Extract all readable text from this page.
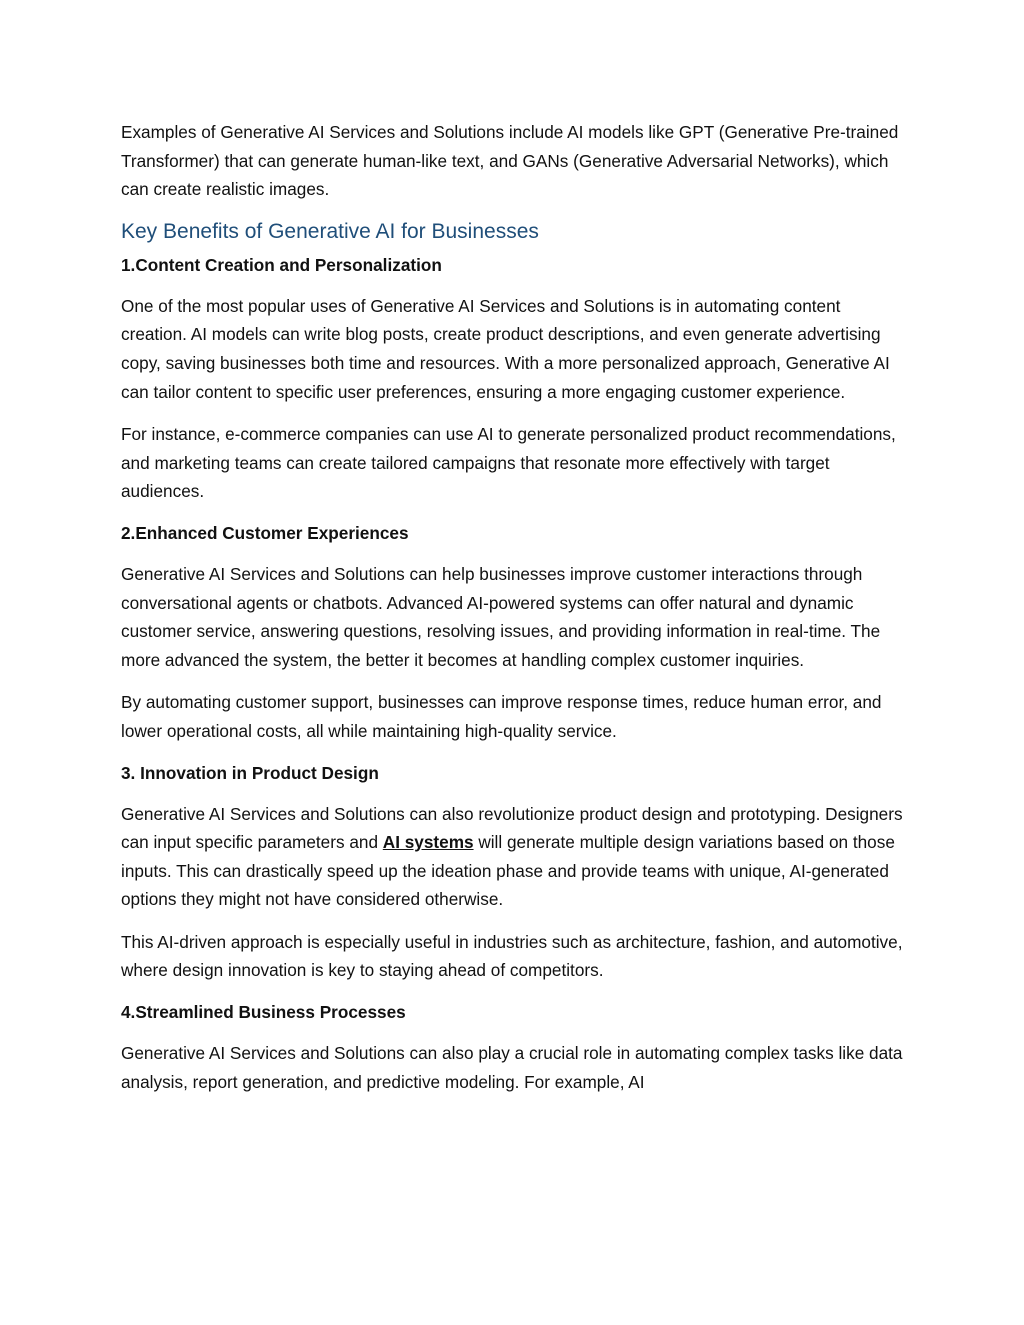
Examples of Generative AI Services and Solutions include AI models like GPT (Generative Pre-trained Transformer) that can generate human-like text, and GANs (Generative Adversarial Networks), which can create realistic images.

Key Benefits of Generative AI for Businesses
1.Content Creation and Personalization

One of the most popular uses of Generative AI Services and Solutions is in automating content creation. AI models can write blog posts, create product descriptions, and even generate advertising copy, saving businesses both time and resources. With a more personalized approach, Generative AI can tailor content to specific user preferences, ensuring a more engaging customer experience.

For instance, e-commerce companies can use AI to generate personalized product recommendations, and marketing teams can create tailored campaigns that resonate more effectively with target audiences.

2.Enhanced Customer Experiences

Generative AI Services and Solutions can help businesses improve customer interactions through conversational agents or chatbots. Advanced AI-powered systems can offer natural and dynamic customer service, answering questions, resolving issues, and providing information in real-time. The more advanced the system, the better it becomes at handling complex customer inquiries.

By automating customer support, businesses can improve response times, reduce human error, and lower operational costs, all while maintaining high-quality service.

3. Innovation in Product Design

Generative AI Services and Solutions can also revolutionize product design and prototyping. Designers can input specific parameters and AI systems will generate multiple design variations based on those inputs. This can drastically speed up the ideation phase and provide teams with unique, AI-generated options they might not have considered otherwise.

This AI-driven approach is especially useful in industries such as architecture, fashion, and automotive, where design innovation is key to staying ahead of competitors.

4.Streamlined Business Processes

Generative AI Services and Solutions can also play a crucial role in automating complex tasks like data analysis, report generation, and predictive modeling. For example, AI
